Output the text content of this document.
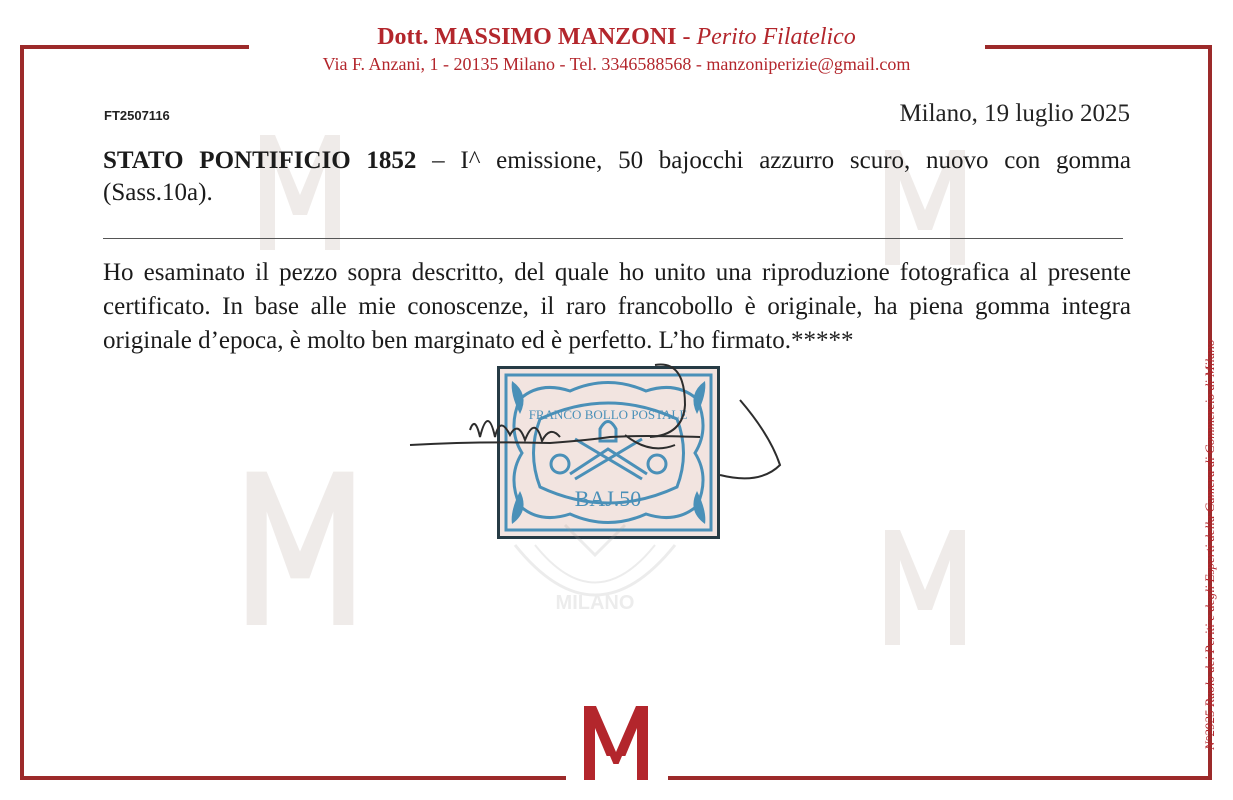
Dott. MASSIMO MANZONI - Perito Filatelico
Via F. Anzani, 1 - 20135 Milano - Tel. 3346588568 - manzoniperizie@gmail.com
FT2507116	Milano, 19 luglio 2025
STATO PONTIFICIO 1852 – I^ emissione, 50 bajocchi azzurro scuro, nuovo con gomma (Sass.10a).
Ho esaminato il pezzo sopra descritto, del quale ho unito una riproduzione fotografica al presente certificato. In base alle mie conoscenze, il raro francobollo è originale, ha piena gomma integra originale d’epoca, è molto ben marginato ed è perfetto. L’ho firmato.*****
FRANCO BOLLO POSTALE
BAJ.50
MILANO	N°2925 Ruolo dei Periti e degli Esperti della Camera di Commercio di Milano
